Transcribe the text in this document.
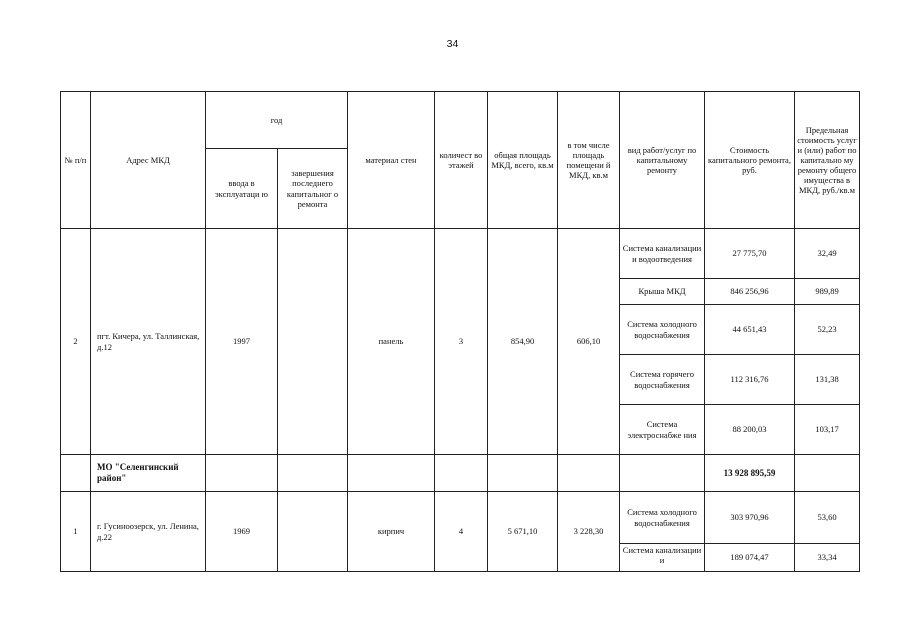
34
№ п/п	Адрес МКД	год		материал стен	количест во этажей	общая площадь МКД, всего, кв.м	в том числе площадь помещени й МКД, кв.м	вид работ/услуг по капитальному ремонту	Стоимость капитального ремонта, руб.	Предельная стоимость услуг и (или) работ по капитально му ремонту общего имущества в МКД, руб./кв.м
		ввода в эксплуатаци ю	завершения последнего капитальног о ремонта							
2	пгт. Кичера, ул. Таллинская, д.12	1997		панель	3	854,90	606,10	Система канализации и водоотведения	27 775,70	32,49
								Крыша МКД	846 256,96	989,89
								Система холодного водоснабжения	44 651,43	52,23
								Система горячего водоснабжения	112 316,76	131,38
								Система электроснабже ния	88 200,03	103,17
	МО "Селенгинский район"								13 928 895,59	
1	г. Гусиноозерск, ул. Ленина, д.22	1969		кирпич	4	5 671,10	3 228,30	Система холодного водоснабжения	303 970,96	53,60
								Система канализации и	189 074,47	33,34
